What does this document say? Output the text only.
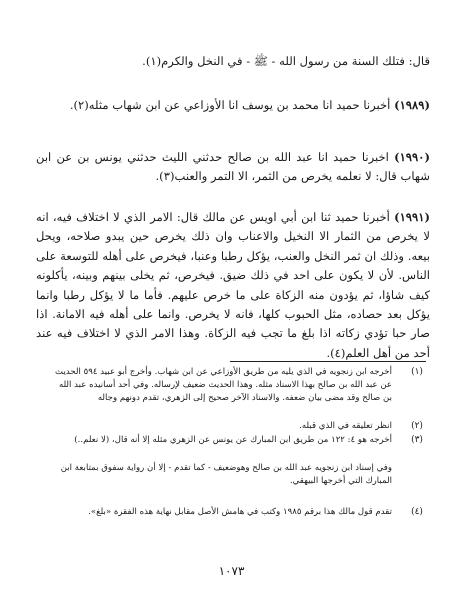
قال: فتلك السنة من رسول الله - ﷺ - في النخل والكرم(١).

(١٩٨٩) أخبرنا حميد انا محمد بن يوسف انا الأوزاعي عن ابن شهاب مثله(٢).

(١٩٩٠) اخبرنا حميد انا عبد الله بن صالح حدثني الليث حدثني يونس بن عن ابن شهاب قال: لا نعلمه يخرص من الثمر، الا التمر والعنب(٣).

(١٩٩١) أخبرنا حميد ثنا ابن أبي اويس عن مالك قال: الامر الذي لا اختلاف فيه، انه لا يخرص من الثمار الا النخيل والاعناب وان ذلك يخرص حين يبدو صلاحه، ويحل بيعه. وذلك ان ثمر النخل والعنب، يؤكل رطبا وعنبا، فيخرص على أهله للتوسعة على الناس. لأن لا يكون على احد في ذلك ضيق. فيخرص، ثم يخلى بينهم وبينه، يأكلونه كيف شاؤا، ثم يؤدون منه الزكاة على ما خرص عليهم. فأما ما لا يؤكل رطبا وانما يؤكل بعد حصاده، مثل الحبوب كلها، فانه لا يخرص. وانما على أهله فيه الامانة. اذا صار حبا تؤدي زكاته اذا بلغ ما تجب فيه الزكاة. وهذا الامر الذي لا اختلاف فيه عند أحد من أهل العلم(٤).

(١)
أخرجه ابن زنجويه في الذي يليه من طريق الأوزاعي عن ابن شهاب. وأخرج أبو عبيد ٥٩٤ الحديث عن عبد الله بن صالح بهذا الاسناد مثله. وهذا الحديث ضعيف لإرساله. وفي أحد أسانيده عبد الله بن صالح وقد مضى بيان ضعفه. والاسناد الآخر صحيح إلى الزهري، تقدم دونهم وجاله
(٢)
انظر تعليقه في الذي قبله.
(٣)
أخرجه هو ٤: ١٢٢ من طريق ابن المبارك عن يونس عن الزهري مثله إلا أنه قال، (لا نعلم..)
وفي إسناد ابن زنجويه عبد الله بن صالح وهوضعيف - كما تقدم - إلا أن رواية سفوق بمتابعة ابن المبارك التي أخرجها البيهقي.
(٤)
تقدم قول مالك هذا برقم ١٩٨٥ وكتب في هامش الأصل مقابل نهاية هذه الفقرة «بلغ».
١٠٧٣
